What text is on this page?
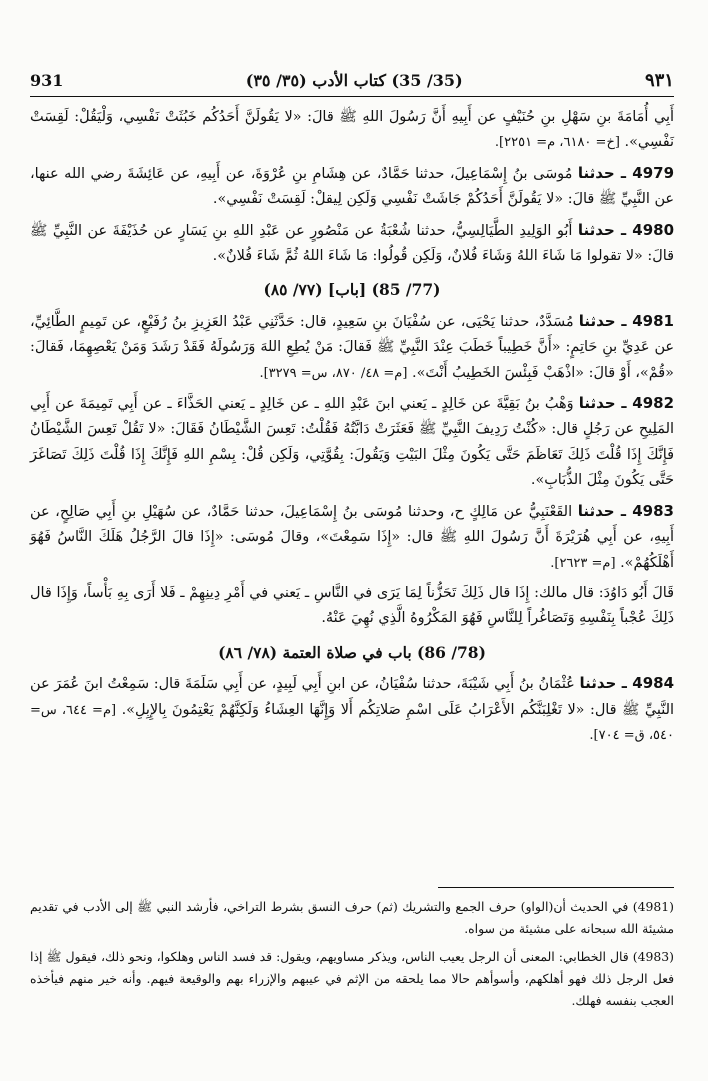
931	(35/ 35) كتاب الأدب (٣٥/ ٣٥)	٩٣١

أَبِي أُمَامَةَ بنِ سَهْلِ بنِ حُنَيْفٍ عن أَبِيهِ أَنَّ رَسُولَ اللهِ ﷺ قالَ: «لا يَقُولَنَّ أَحَدُكُم خَبُثَتْ نَفْسِي، وَلْيَقُلْ: لَقِسَتْ نَفْسِي». [خ= ٦١٨٠، م= ٢٢٥١].

4979 ـ حدثنا مُوسَى بنُ إِسْمَاعِيلَ، حدثنا حَمَّادٌ، عن هِشَامِ بنِ عُرْوَةَ، عن أَبِيهِ، عن عَائِشَةَ رضي الله عنها، عن النَّبِيِّ ﷺ قالَ: «لا يَقُولَنَّ أَحَدُكُمْ جَاشَتْ نَفْسِي وَلَكِن لِيقلْ: لَقِسَتْ نَفْسِي».

4980 ـ حدثنا أَبُو الوَلِيدِ الطَّيَالِسِيُّ، حدثنا شُعْبَةُ عن مَنْصُورٍ عن عَبْدِ اللهِ بنِ يَسَارٍ عن حُذَيْفَةَ عن النَّبِيِّ ﷺ قالَ: «لا تقولوا مَا شَاءَ اللهُ وَشَاءَ فُلانٌ، وَلَكِن قُولُوا: مَا شَاءَ اللهُ ثُمَّ شَاءَ فُلانٌ».

(77/ 85) [باب] (٧٧/ ٨٥)

4981 ـ حدثنا مُسَدَّدٌ، حدثنا يَحْيَى، عن سُفْيَانَ بنِ سَعِيدٍ، قال: حَدَّثَنِي عَبْدُ العَزِيزِ بنُ رُفَيْعٍ، عن تَمِيمٍ الطَّائِيِّ، عن عَدِيِّ بنِ حَاتِمٍ: «أَنَّ خَطِيباً خَطَبَ عِنْدَ النَّبِيِّ ﷺ فَقالَ: مَنْ يُطِعِ اللهَ وَرَسُولَهُ فَقَدْ رَشَدَ وَمَنْ يَعْصِهِمَا، فَقالَ: «قُمْ»، أَوْ قالَ: «اذْهَبْ فَبِئْسَ الخَطِيبُ أَنْتَ». [م= ٤٨/ ٨٧٠، س= ٣٢٧٩].

4982 ـ حدثنا وَهْبُ بنُ بَقِيَّةَ عن خَالِدٍ ـ يَعني ابنَ عَبْدِ اللهِ ـ عن خَالِدٍ ـ يَعني الحَذَّاءَ ـ عن أَبِي تَمِيمَةَ عن أَبِي المَلِيحِ عن رَجُلٍ قال: «كُنْتُ رَدِيفَ النَّبِيِّ ﷺ فَعَثَرَتْ دَابَّتُهُ فَقُلْتُ: تَعِسَ الشَّيْطَانُ فَقَالَ: «لا تَقُلْ تَعِسَ الشَّيْطَانُ فَإِنَّكَ إِذَا قُلْتَ ذَلِكَ تَعَاظَمَ حَتَّى يَكُونَ مِثْلَ البَيْتِ وَيَقُولَ: بِقُوَّتِي، وَلَكِن قُلْ: بِسْمِ اللهِ فَإِنَّكَ إِذَا قُلْتَ ذَلِكَ تَصَاغَرَ حَتَّى يَكُونَ مِثْلَ الذُّبَابِ».

4983 ـ حدثنا القَعْنَبِيُّ عن مَالِكٍ ح، وحدثنا مُوسَى بنُ إِسْمَاعِيلَ، حدثنا حَمَّادٌ، عن سُهَيْلِ بنِ أَبِي صَالِحٍ، عن أَبِيهِ، عن أَبِي هُرَيْرَةَ أَنَّ رَسُولَ اللهِ ﷺ قال: «إِذَا سَمِعْتَ»، وقالَ مُوسَى: «إِذَا قالَ الرَّجُلُ هَلَكَ النَّاسُ فَهُوَ أَهْلَكُهُمْ». [م= ٢٦٢٣].

قَالَ أَبُو دَاوُدَ: قال مالك: إِذَا قال ذَلِكَ تَحَزُّناً لِمَا يَرَى في النَّاسِ ـ يَعني في أَمْرِ دِينِهِمْ ـ فَلا أَرَى بِهِ بَأْساً، وَإِذَا قال ذَلِكَ عُجْباً بِنَفْسِهِ وَتَصَاغُراً لِلنَّاسِ فَهُوَ المَكْرُوهُ الَّذِي نُهِيَ عَنْهُ.

(78/ 86) باب في صلاة العتمة (٧٨/ ٨٦)

4984 ـ حدثنا عُثْمَانُ بنُ أَبِي شَيْبَةَ، حدثنا سُفْيَانُ، عن ابنِ أَبِي لَبِيدٍ، عن أَبِي سَلَمَةَ قال: سَمِعْتُ ابنَ عُمَرَ عن النَّبِيِّ ﷺ قال: «لا تَغْلِبَنَّكُم الأَعْرَابُ عَلَى اسْمِ صَلاتِكُم أَلا وَإِنَّهَا العِشَاءُ وَلَكِنَّهُمْ يَعْتِمُونَ بِالإِبِلِ». [م= ٦٤٤، س= ٥٤٠، ق= ٧٠٤].

(4981) في الحديث أن(الواو) حرف الجمع والتشريك (ثم) حرف النسق بشرط التراخي، فأرشد النبي ﷺ إلى الأدب في تقديم مشيئة الله سبحانه على مشيئة من سواه.

(4983) قال الخطابي: المعنى أن الرجل يعيب الناس، ويذكر مساويهم، ويقول: قد فسد الناس وهلكوا، ونحو ذلك، فيقول ﷺ إذا فعل الرجل ذلك فهو أهلكهم، وأسوأهم حالا مما يلحقه من الإثم في عيبهم والإزراء بهم والوقيعة فيهم. وأنه خير منهم فيأخذه العجب بنفسه فهلك.
